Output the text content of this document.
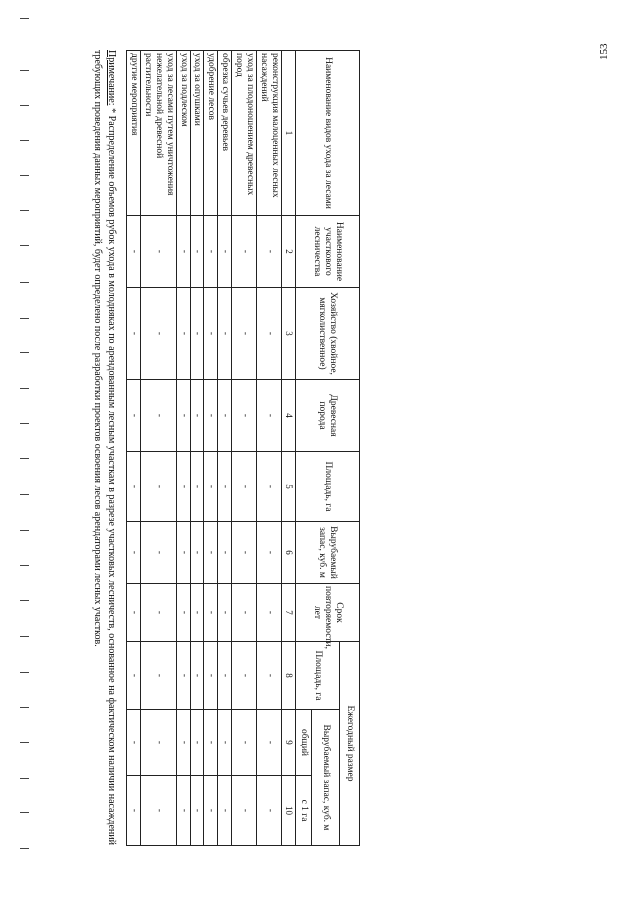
153
Наименование видов ухода за лесами	Наименование участкового лесничества	Хозяйство (хвойное, мягколиственное)	Древесная порода	Площадь, га	Вырубаемый запас, куб. м	Срок повторяемости, лет	Ежегодный размер		
							Площадь, га	Вырубаемый запас, куб. м	
								общий	с 1 га
1	2	3	4	5	6	7	8	9	10
реконструкция малоценных лесных насаждений	-	-	-	-	-	-	-	-	-
уход за плодоношением древесных пород	-	-	-	-	-	-	-	-	-
обрезка сучьев деревьев	-	-	-	-	-	-	-	-	-
удобрение лесов	-	-	-	-	-	-	-	-	-
уход за опушками	-	-	-	-	-	-	-	-	-
уход за подлеском	-	-	-	-	-	-	-	-	-
уход за лесами путем уничтожения нежелательной древесной растительности	-	-	-	-	-	-	-	-	-
другие мероприятия	-	-	-	-	-	-	-	-	-
Примечание: * Распределение объемов рубок ухода в молодняках по арендованным лесным участкам в разрезе участковых лесничеств, основанное на фактическом наличии насаждений требующих проведения данных мероприятий, будет определено после разработки проектов освоения лесов арендаторами лесных участков.
